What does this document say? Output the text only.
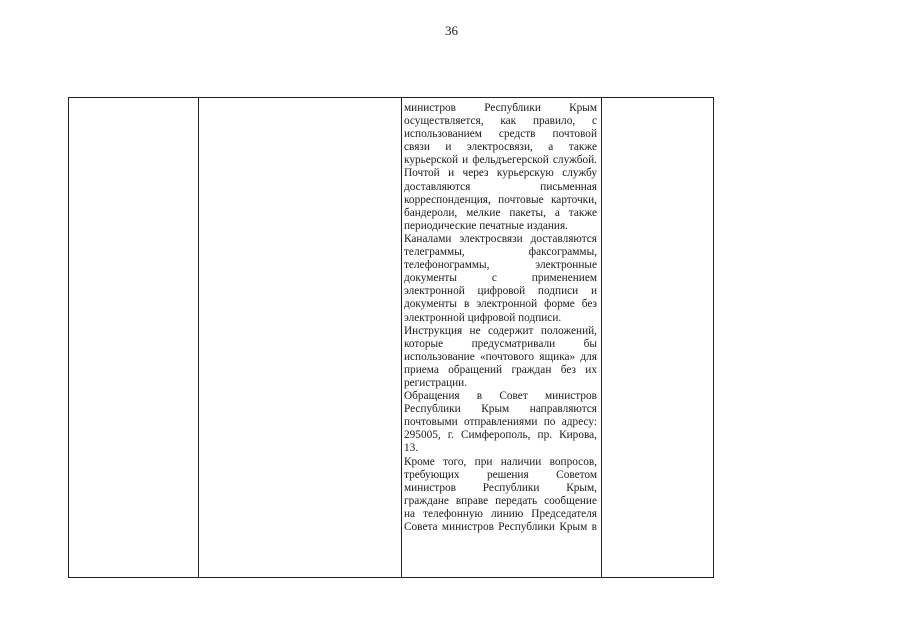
36
министров Республики Крым
осуществляется, как правило, с
использованием средств почтовой
связи и электросвязи, а также
курьерской и фельдъегерской службой.
Почтой и через курьерскую службу
доставляются письменная
корреспонденция, почтовые карточки,
бандероли, мелкие пакеты, а также
периодические печатные издания.
Каналами электросвязи доставляются
телеграммы, факсограммы,
телефонограммы, электронные
документы с применением
электронной цифровой подписи и
документы в электронной форме без
электронной цифровой подписи.
Инструкция не содержит положений,
которые предусматривали бы
использование «почтового ящика» для
приема обращений граждан без их
регистрации.
Обращения в Совет министров
Республики Крым направляются
почтовыми отправлениями по адресу:
295005, г. Симферополь, пр. Кирова,
13.
Кроме того, при наличии вопросов,
требующих решения Советом
министров Республики Крым,
граждане вправе передать сообщение
на телефонную линию Председателя
Совета министров Республики Крым в
